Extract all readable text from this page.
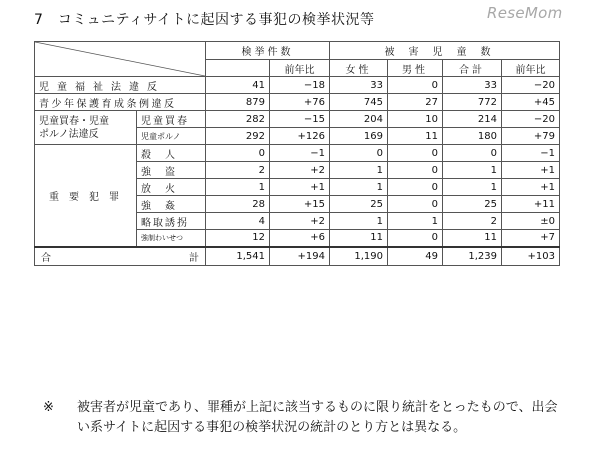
7　コミュニティサイトに起因する事犯の検挙状況等	ReseMom
	検挙件数		被害児童数			
			前年比	女性	男性	合計	前年比
児童福祉法違反		41	−18	33	0	33	−20
青少年保護育成条例違反		879	+76	745	27	772	+45

児童買春・児童
ポルノ法違反	児童買春	282	−15	204	10	214	−20
	児童ポルノ	292	+126	169	11	180	+79
重要犯罪	殺人	0	−1	0	0	0	−1
	強盗	2	+2	1	0	1	+1
	放火	1	+1	1	0	1	+1
	強姦	28	+15	25	0	25	+11
	略取誘拐	4	+2	1	1	2	±0
	強制わいせつ	12	+6	11	0	11	+7

合 計		1,541	+194	1,190	49	1,239	+103
※ 被害者が児童であり、罪種が上記に該当するものに限り統計をとったもので、出会い系サイトに起因する事犯の検挙状況の統計のとり方とは異なる。
